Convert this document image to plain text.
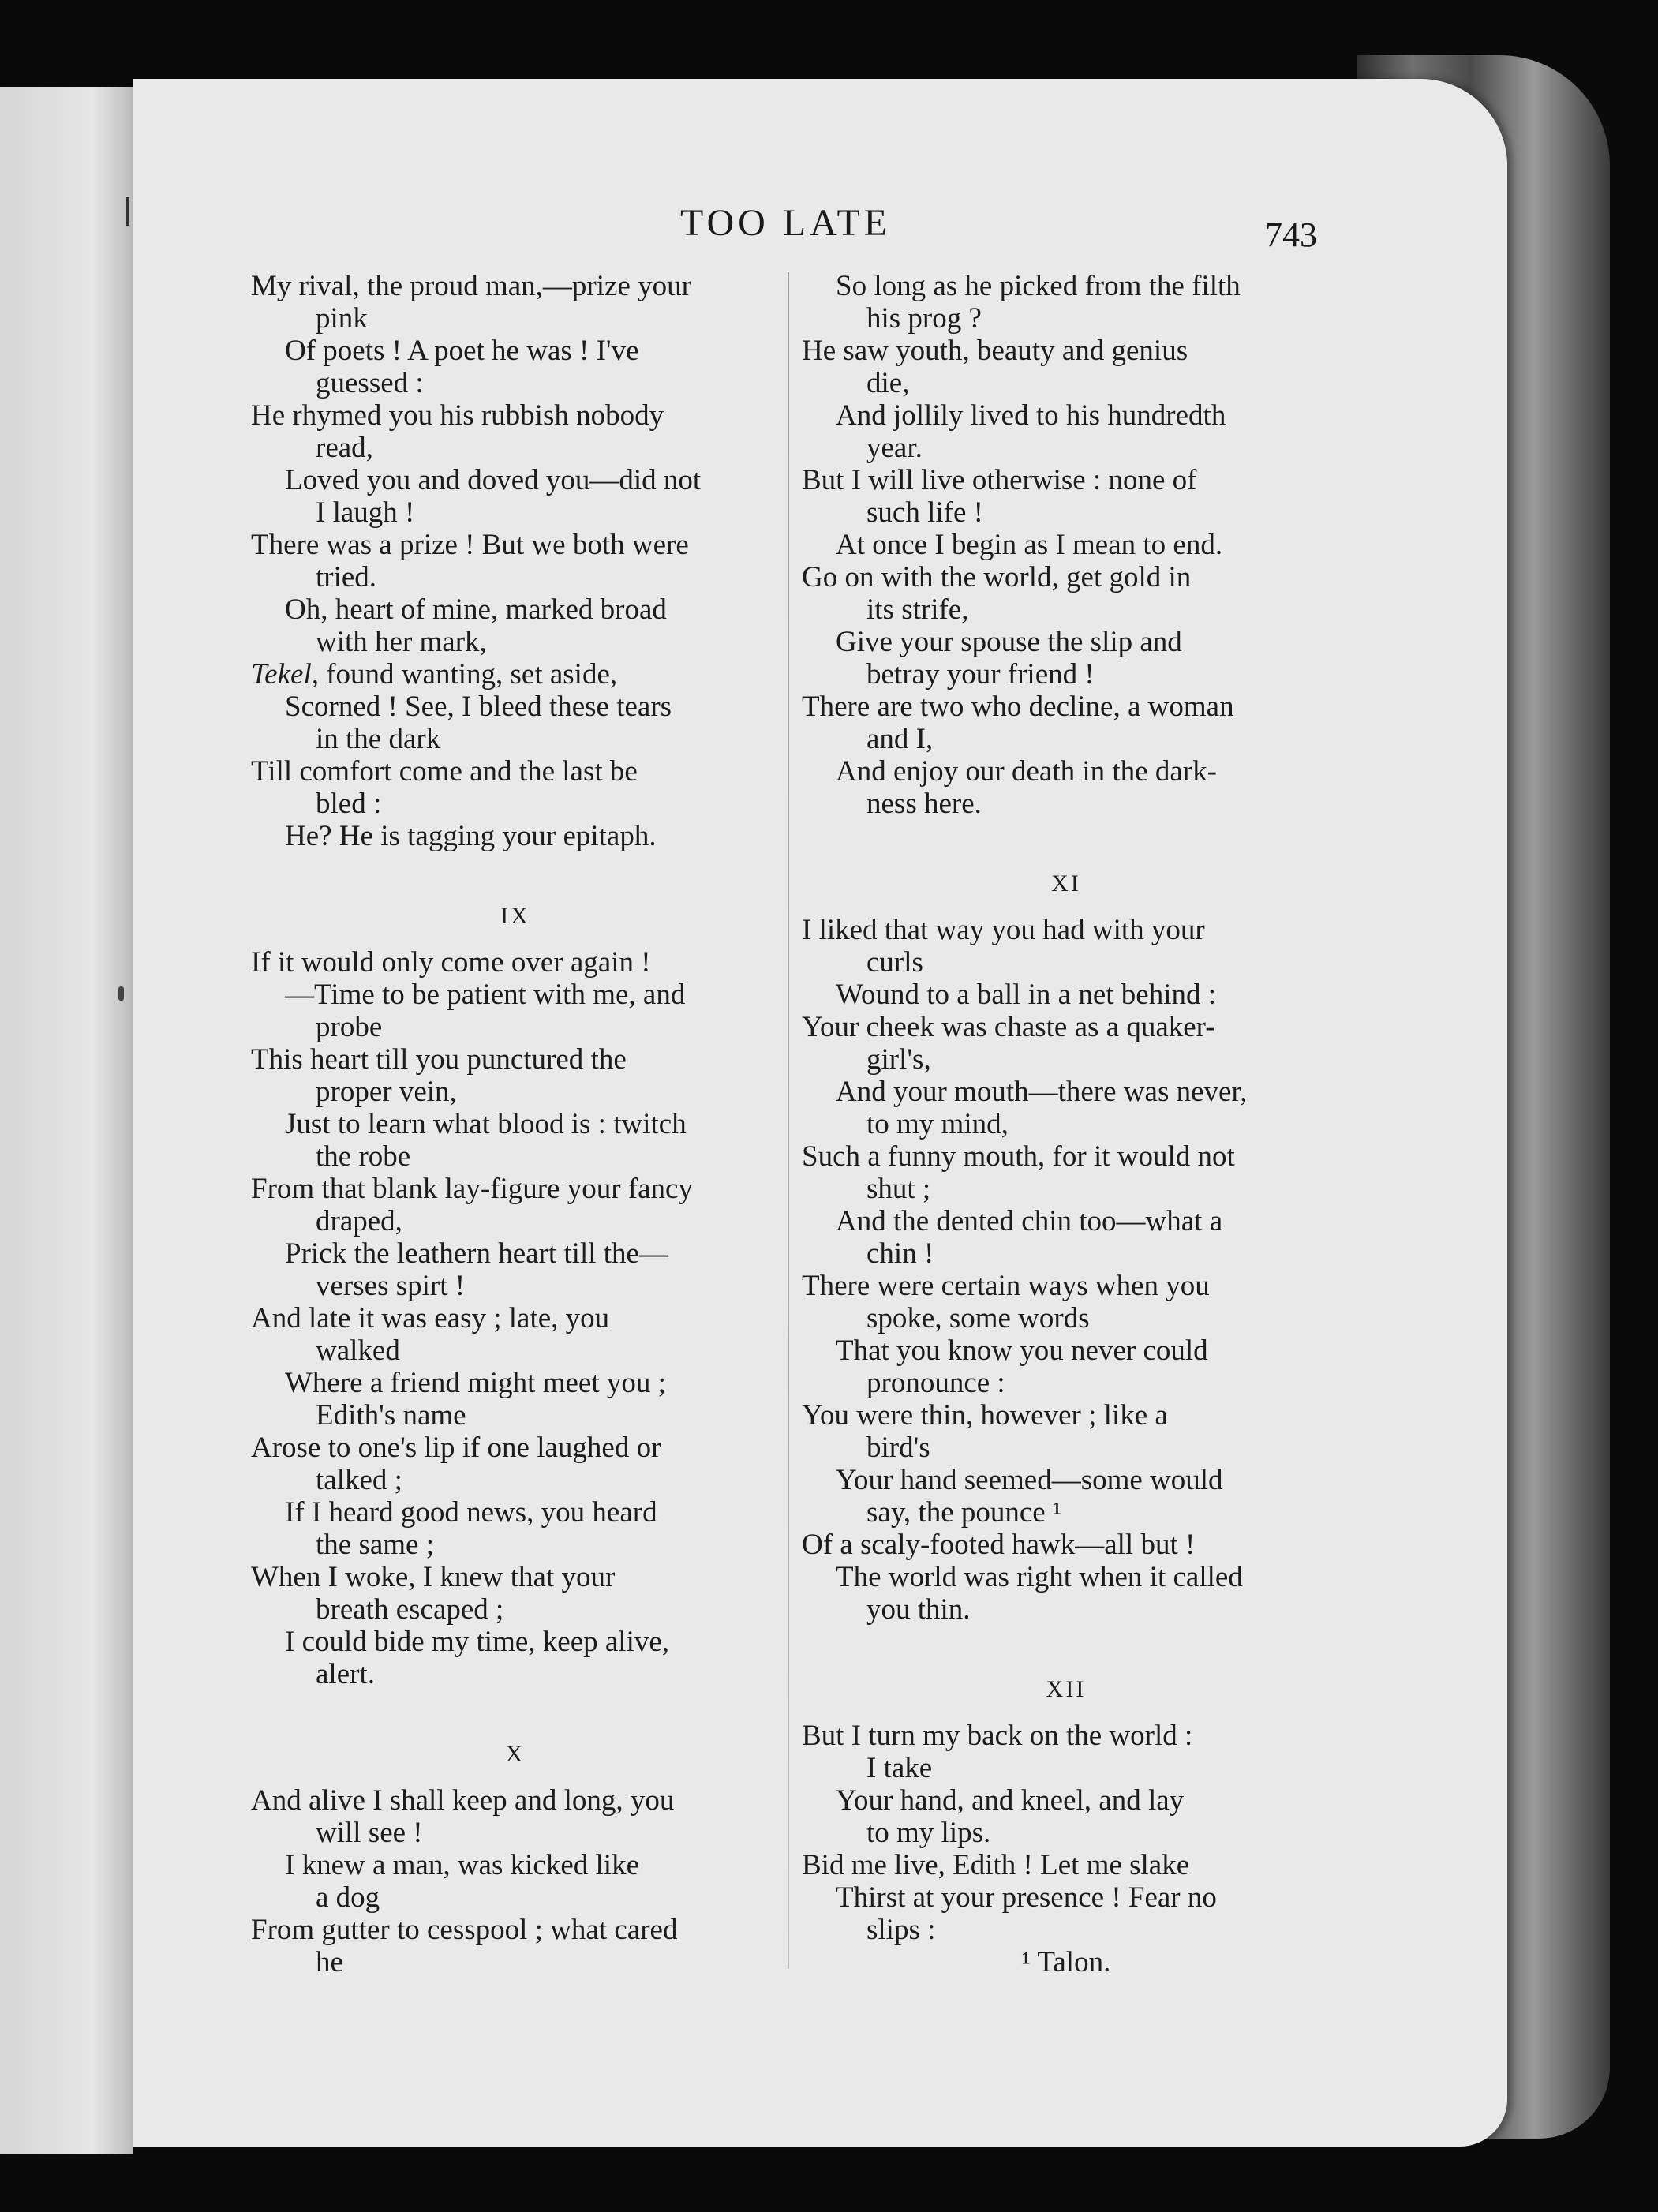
TOO LATE	743
My rival, the proud man,—prize your
pink
Of poets ! A poet he was ! I've
guessed :
He rhymed you his rubbish nobody
read,
Loved you and doved you—did not
I laugh !
There was a prize ! But we both were
tried.
Oh, heart of mine, marked broad
with her mark,
Tekel, found wanting, set aside,
Scorned ! See, I bleed these tears
in the dark
Till comfort come and the last be
bled :
He? He is tagging your epitaph.
IX
If it would only come over again !
—Time to be patient with me, and
probe
This heart till you punctured the
proper vein,
Just to learn what blood is : twitch
the robe
From that blank lay-figure your fancy
draped,
Prick the leathern heart till the—
verses spirt !
And late it was easy ; late, you
walked
Where a friend might meet you ;
Edith's name
Arose to one's lip if one laughed or
talked ;
If I heard good news, you heard
the same ;
When I woke, I knew that your
breath escaped ;
I could bide my time, keep alive,
alert.
X
And alive I shall keep and long, you
will see !
I knew a man, was kicked like
a dog
From gutter to cesspool ; what cared
he
So long as he picked from the filth
his prog ?
He saw youth, beauty and genius
die,
And jollily lived to his hundredth
year.
But I will live otherwise : none of
such life !
At once I begin as I mean to end.
Go on with the world, get gold in
its strife,
Give your spouse the slip and
betray your friend !
There are two who decline, a woman
and I,
And enjoy our death in the dark-
ness here.
XI
I liked that way you had with your
curls
Wound to a ball in a net behind :
Your cheek was chaste as a quaker-
girl's,
And your mouth—there was never,
to my mind,
Such a funny mouth, for it would not
shut ;
And the dented chin too—what a
chin !
There were certain ways when you
spoke, some words
That you know you never could
pronounce :
You were thin, however ; like a
bird's
Your hand seemed—some would
say, the pounce ¹
Of a scaly-footed hawk—all but !
The world was right when it called
you thin.
XII
But I turn my back on the world :
I take
Your hand, and kneel, and lay
to my lips.
Bid me live, Edith ! Let me slake
Thirst at your presence ! Fear no
slips :
¹ Talon.
